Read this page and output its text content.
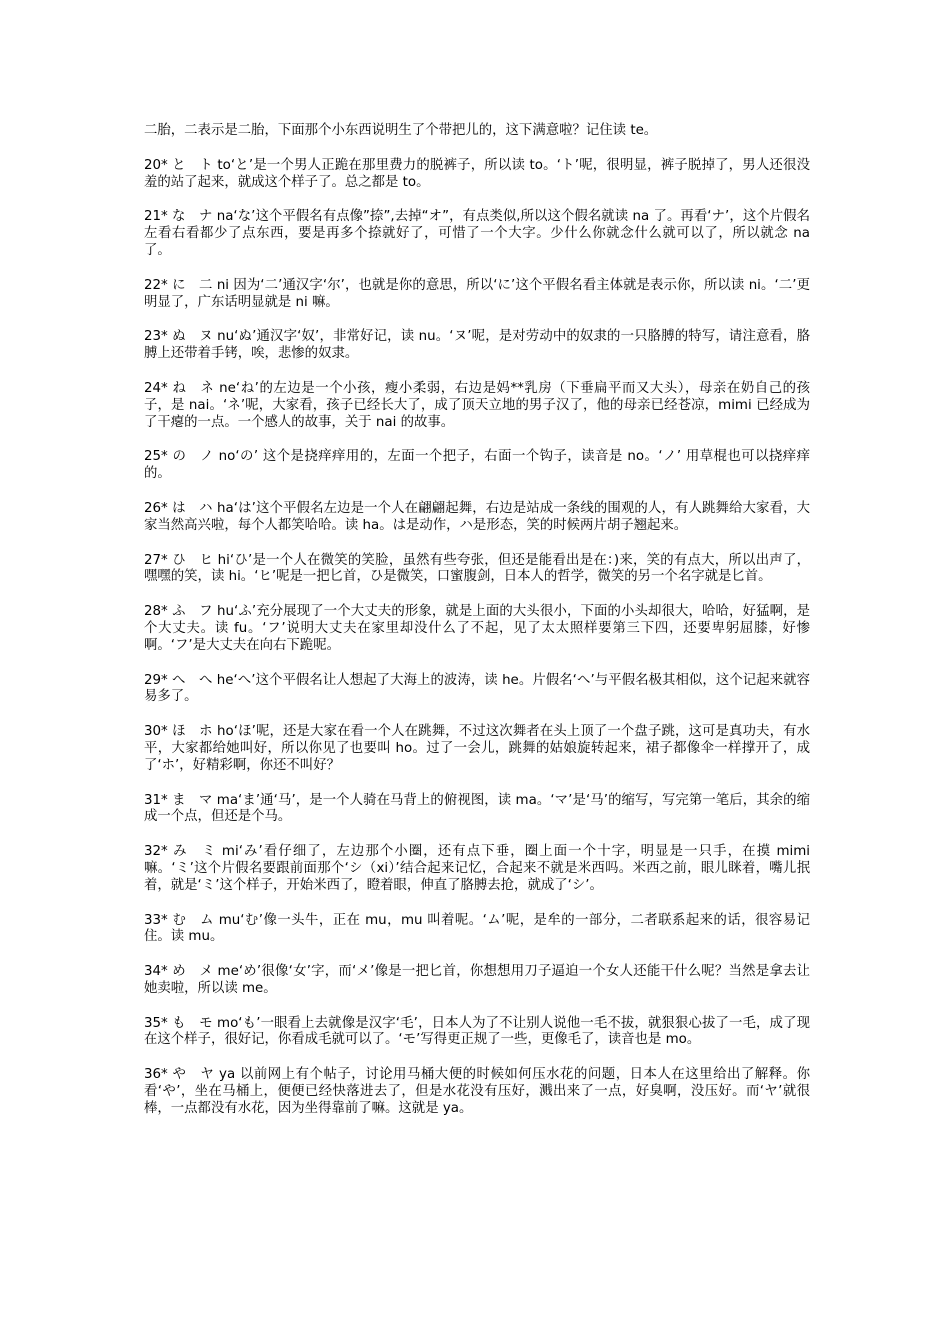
二胎，二表示是二胎，下面那个小东西说明生了个带把儿的，这下满意啦？记住读 te。

20* と　ト to‘と’是一个男人正跪在那里费力的脱裤子，所以读 to。‘ト’呢，很明显，裤子脱掉了，男人还很没羞的站了起来，就成这个样子了。总之都是 to。

21* な　ナ na‘な’这个平假名有点像”捺”,去掉“オ”，有点类似,所以这个假名就读 na 了。再看‘ナ’，这个片假名左看右看都少了点东西，要是再多个捺就好了，可惜了一个大字。少什么你就念什么就可以了，所以就念 na 了。

22* に　二 ni 因为‘二’通汉字‘尔’，也就是你的意思，所以‘に’这个平假名看主体就是表示你，所以读 ni。‘二’更明显了，广东话明显就是 ni 嘛。

23* ぬ　ヌ nu‘ぬ’通汉字‘奴’，非常好记，读 nu。‘ヌ’呢，是对劳动中的奴隶的一只胳膊的特写，请注意看，胳膊上还带着手铐，唉，悲惨的奴隶。

24* ね　ネ ne‘ね’的左边是一个小孩，瘦小柔弱，右边是妈**乳房（下垂扁平而又大头），母亲在奶自己的孩子，是 nai。‘ネ’呢，大家看，孩子已经长大了，成了顶天立地的男子汉了，他的母亲已经苍凉，mimi 已经成为了干瘪的一点。一个感人的故事，关于 nai 的故事。

25* の　ノ no‘の’ 这个是挠痒痒用的，左面一个把子，右面一个钩子，读音是 no。‘ノ’ 用草棍也可以挠痒痒的。

26* は　ハ ha‘は’这个平假名左边是一个人在翩翩起舞，右边是站成一条线的围观的人，有人跳舞给大家看，大家当然高兴啦，每个人都笑哈哈。读 ha。は是动作，ハ是形态，笑的时候两片胡子翘起来。

27* ひ　ヒ hi‘ひ’是一个人在微笑的笑脸，虽然有些夸张，但还是能看出是在：)来，笑的有点大，所以出声了，嘿嘿的笑，读 hi。‘ヒ’呢是一把匕首，ひ是微笑，口蜜腹剑，日本人的哲学，微笑的另一个名字就是匕首。

28* ふ　フ hu‘ふ’充分展现了一个大丈夫的形象，就是上面的大头很小，下面的小头却很大，哈哈，好猛啊，是个大丈夫。读 fu。‘フ’说明大丈夫在家里却没什么了不起，见了太太照样要第三下四，还要卑躬屈膝，好惨啊。‘フ’是大丈夫在向右下跪呢。

29* へ　へ he‘へ’这个平假名让人想起了大海上的波涛，读 he。片假名‘へ’与平假名极其相似，这个记起来就容易多了。

30* ほ　ホ ho‘ほ’呢，还是大家在看一个人在跳舞，不过这次舞者在头上顶了一个盘子跳，这可是真功夫，有水平，大家都给她叫好，所以你见了也要叫 ho。过了一会儿，跳舞的姑娘旋转起来，裙子都像伞一样撑开了，成了‘ホ’，好精彩啊，你还不叫好？

31* ま　マ ma‘ま’通‘马’，是一个人骑在马背上的俯视图，读 ma。‘マ’是‘马’的缩写，写完第一笔后，其余的缩成一个点，但还是个马。

32* み　ミ mi‘み’看仔细了，左边那个小圈，还有点下垂，圈上面一个十字，明显是一只手，在摸 mimi 嘛。‘ミ’这个片假名要跟前面那个‘シ（xi）’结合起来记忆，合起来不就是米西吗。米西之前，眼儿眯着，嘴儿抿着，就是‘ミ’这个样子，开始米西了，瞪着眼，伸直了胳膊去抢，就成了‘シ’。

33* む　ム mu‘む’像一头牛，正在 mu，mu 叫着呢。‘ム’呢，是牟的一部分，二者联系起来的话，很容易记住。读 mu。

34* め　メ me‘め’很像‘女’字，而‘メ’像是一把匕首，你想想用刀子逼迫一个女人还能干什么呢？当然是拿去让她卖啦，所以读 me。

35* も　モ mo‘も’一眼看上去就像是汉字‘毛’，日本人为了不让别人说他一毛不拔，就狠狠心拔了一毛，成了现在这个样子，很好记，你看成毛就可以了。‘モ’写得更正规了一些，更像毛了，读音也是 mo。

36* や　ヤ ya 以前网上有个帖子，讨论用马桶大便的时候如何压水花的问题，日本人在这里给出了解释。你看‘や’，坐在马桶上，便便已经快落进去了，但是水花没有压好，溅出来了一点，好臭啊，没压好。而‘ヤ’就很棒，一点都没有水花，因为坐得靠前了嘛。这就是 ya。
